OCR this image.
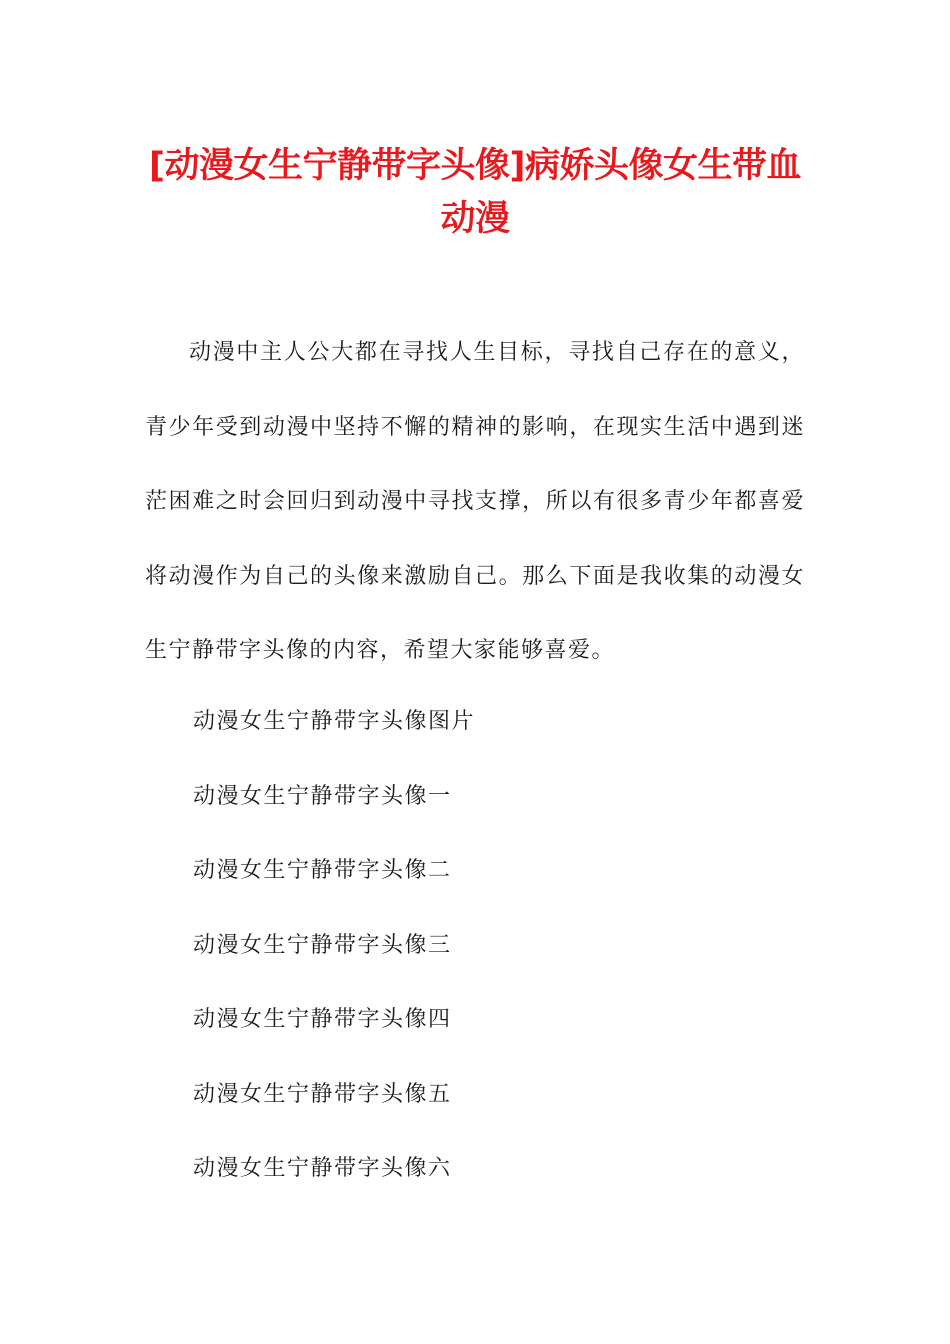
[动漫女生宁静带字头像]病娇头像女生带血动漫

动漫中主人公大都在寻找人生目标，寻找自己存在的意义，青少年受到动漫中坚持不懈的精神的影响，在现实生活中遇到迷茫困难之时会回归到动漫中寻找支撑，所以有很多青少年都喜爱将动漫作为自己的头像来激励自己。那么下面是我收集的动漫女生宁静带字头像的内容，希望大家能够喜爱。

动漫女生宁静带字头像图片
动漫女生宁静带字头像一
动漫女生宁静带字头像二
动漫女生宁静带字头像三
动漫女生宁静带字头像四
动漫女生宁静带字头像五
动漫女生宁静带字头像六
